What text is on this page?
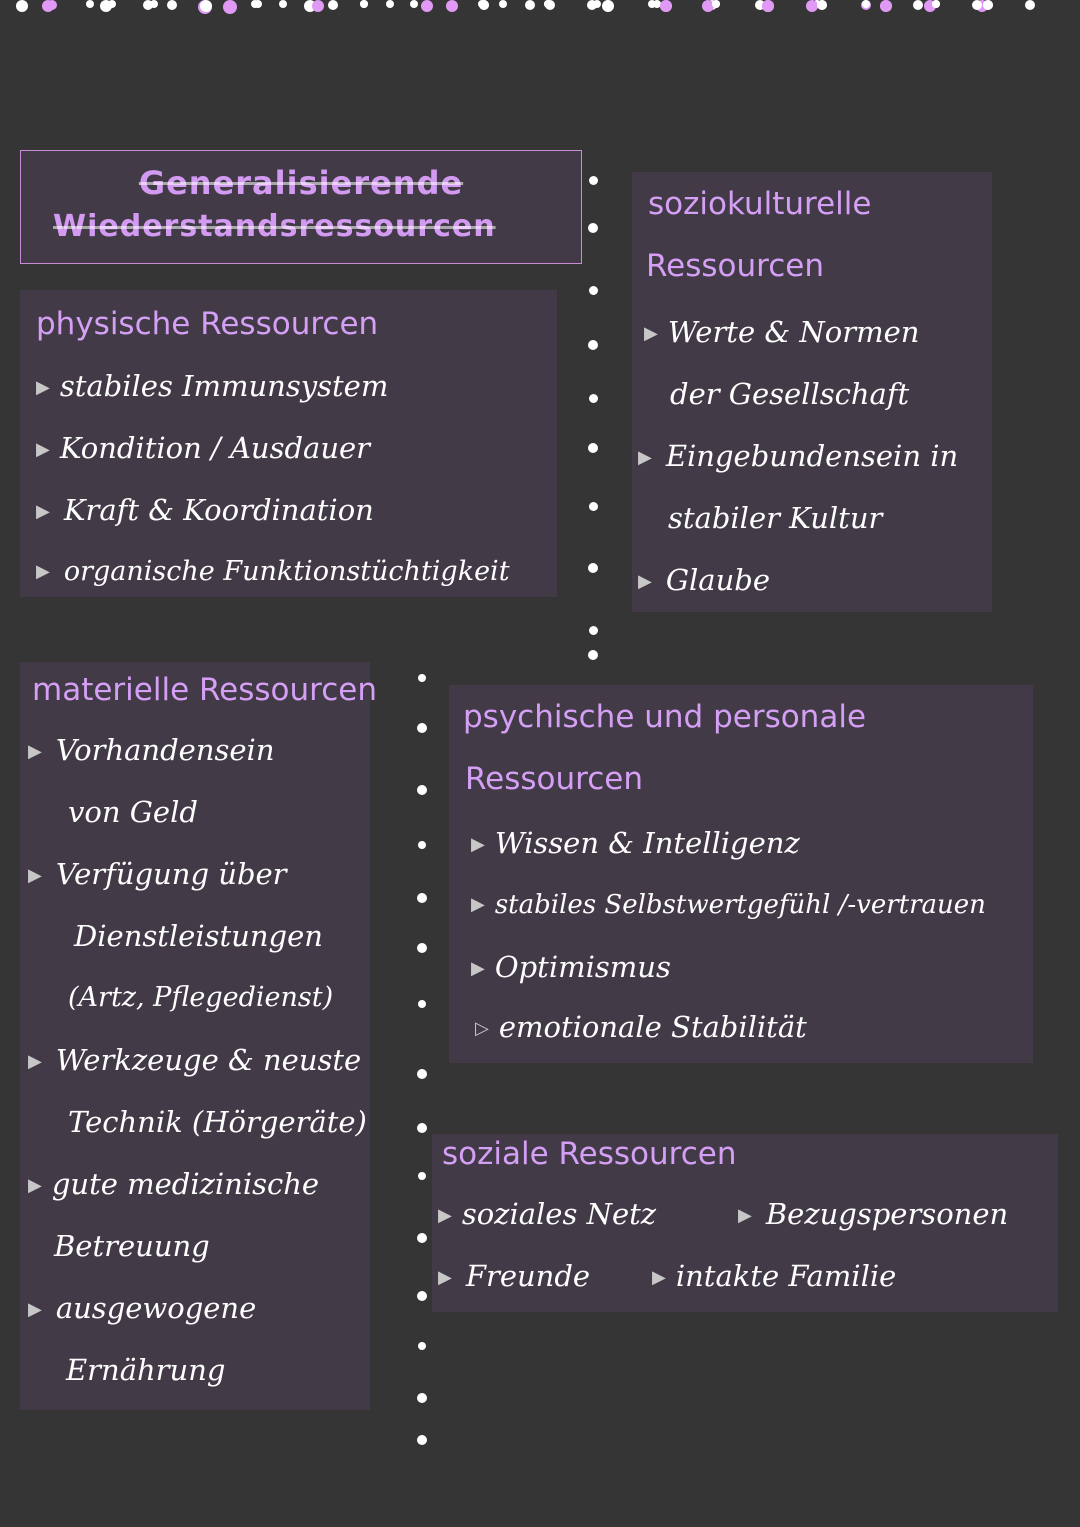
Generalisierende
Wiederstandsressourcen
physische Ressourcen
▶ stabiles Immunsystem
▶ Kondition / Ausdauer
▶ Kraft & Koordination
▶ organische Funktionstüchtigkeit
soziokulturelle
Ressourcen
▶ Werte & Normen
der Gesellschaft
▶ Eingebundensein in
stabiler Kultur
▶ Glaube
materielle Ressourcen
▶ Vorhandensein
von Geld
▶ Verfügung über
Dienstleistungen
(Artz, Pflegedienst)
▶ Werkzeuge & neuste
Technik (Hörgeräte)
▶ gute medizinische
Betreuung
▶ ausgewogene
Ernährung
psychische und personale
Ressourcen
▶ Wissen & Intelligenz
▶ stabiles Selbstwertgefühl /-vertrauen
▶ Optimismus
▷ emotionale Stabilität
soziale Ressourcen
▶ soziales Netz	▶ Bezugspersonen
▶ Freunde	▶ intakte Familie
